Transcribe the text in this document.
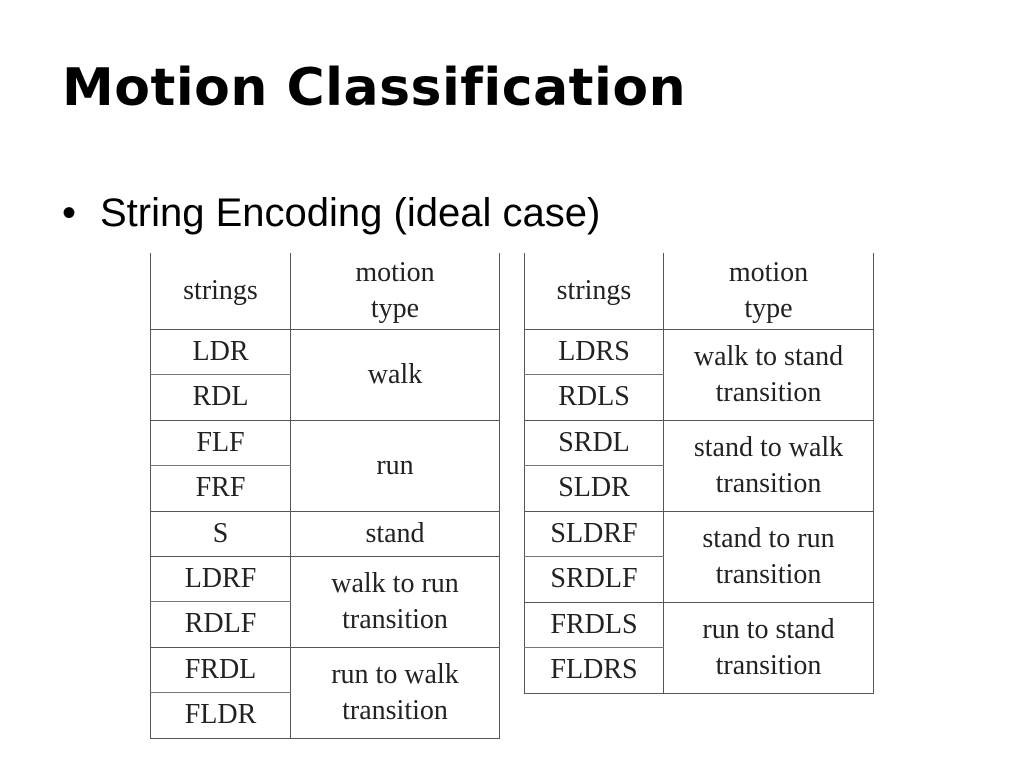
Motion Classification
• String Encoding (ideal case)
strings	motion type
LDR	walk
RDL	
FLF	run
FRF	
S	stand
LDRF	walk to run transition
RDLF	
FRDL	run to walk transition
FLDR	
strings	motion type
LDRS	walk to stand transition
RDLS	
SRDL	stand to walk transition
SLDR	
SLDRF	stand to run transition
SRDLF	
FRDLS	run to stand transition
FLDRS	
